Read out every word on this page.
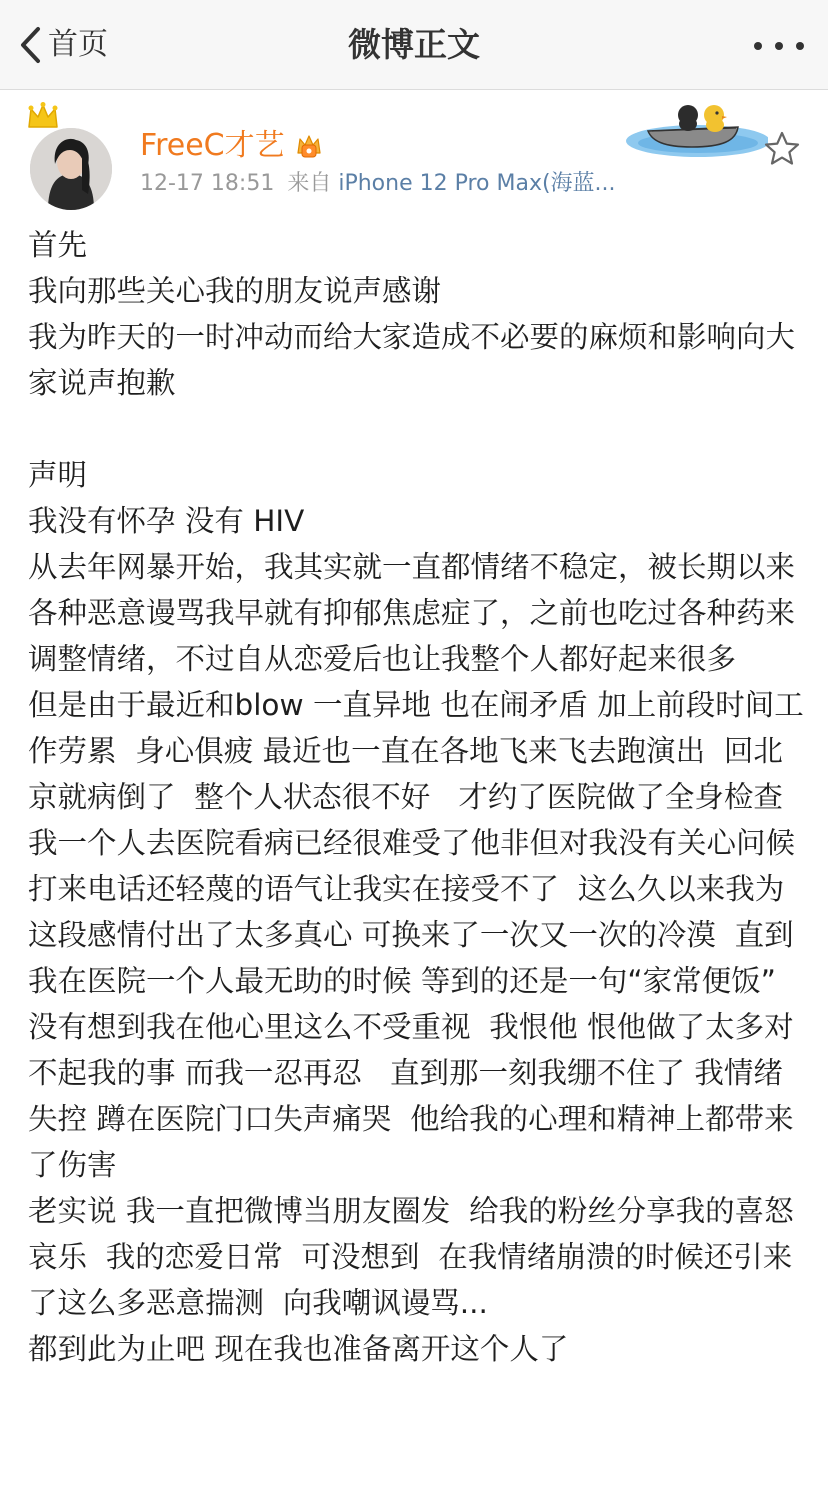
首页	微博正文
FreeC才艺
12-17 18:51 来自 iPhone 12 Pro Max(海蓝...

首先

我向那些关心我的朋友说声感谢

我为昨天的一时冲动而给大家造成不必要的麻烦和影响向大家说声抱歉

声明

我没有怀孕 没有 HIV

从去年网暴开始，我其实就一直都情绪不稳定，被长期以来各种恶意谩骂我早就有抑郁焦虑症了，之前也吃过各种药来调整情绪，不过自从恋爱后也让我整个人都好起来很多

但是由于最近和blow 一直异地 也在闹矛盾 加上前段时间工作劳累  身心俱疲 最近也一直在各地飞来飞去跑演出  回北京就病倒了  整个人状态很不好   才约了医院做了全身检查 我一个人去医院看病已经很难受了他非但对我没有关心问候打来电话还轻蔑的语气让我实在接受不了  这么久以来我为这段感情付出了太多真心 可换来了一次又一次的冷漠  直到我在医院一个人最无助的时候 等到的还是一句“家常便饭”  没有想到我在他心里这么不受重视  我恨他 恨他做了太多对不起我的事 而我一忍再忍   直到那一刻我绷不住了 我情绪失控 蹲在医院门口失声痛哭  他给我的心理和精神上都带来了伤害

老实说 我一直把微博当朋友圈发  给我的粉丝分享我的喜怒哀乐  我的恋爱日常  可没想到  在我情绪崩溃的时候还引来了这么多恶意揣测  向我嘲讽谩骂...

都到此为止吧 现在我也准备离开这个人了
